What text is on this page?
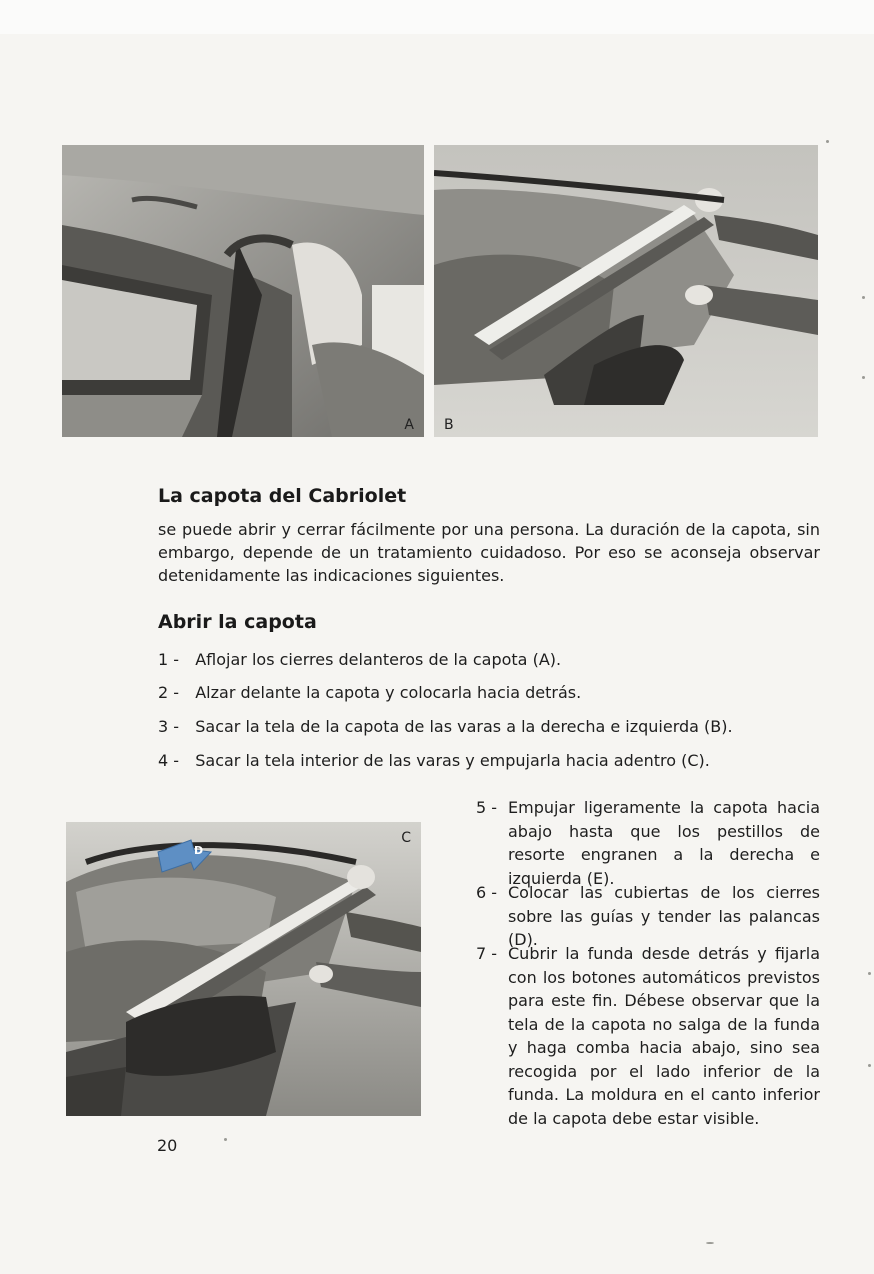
A B
La capota del Cabriolet

se puede abrir y cerrar fácilmente por una persona. La duración de la capota, sin embargo, depende de un tratamiento cuidadoso. Por eso se aconseja observar detenidamente las indicaciones siguientes.

Abrir la capota
1 - Aflojar los cierres delanteros de la capota (A).
2 - Alzar delante la capota y colocarla hacia detrás.
3 - Sacar la tela de la capota de las varas a la derecha e izquierda (B).
4 - Sacar la tela interior de las varas y empujarla hacia adentro (C).
D
C
5 - Empujar ligeramente la capota hacia abajo hasta que los pestillos de resorte engranen a la derecha e izquierda (E).
6 - Colocar las cubiertas de los cierres sobre las guías y tender las palancas (D).
7 - Cubrir la funda desde detrás y fijarla con los botones automáticos previstos para este fin. Débese observar que la tela de la capota no salga de la funda y haga comba hacia abajo, sino sea recogida por el lado inferior de la funda. La moldura en el canto inferior de la capota debe estar visible.
20
